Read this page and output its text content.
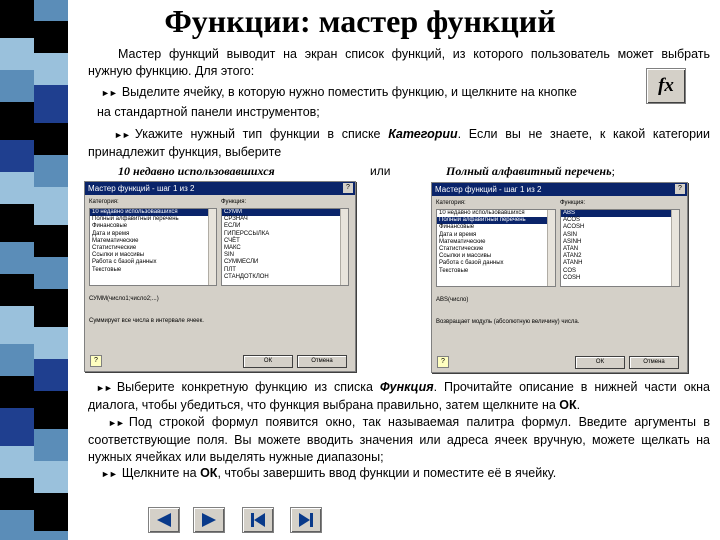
Функции: мастер функций
Мастер функций выводит на экран список функций, из которого пользователь может выбрать нужную функцию. Для этого:
►► Выделите ячейку, в которую нужно поместить функцию, и щелкните на кнопке
на стандартной панели инструментов;
fx
►► Укажите нужный тип функции в списке Категории. Если вы не знаете, к какой категории принадлежит функция, выберите
10 недавно использовавшихся	или	Полный алфавитный перечень;
Мастер функций - шаг 1 из 2	?
Категория:	Функция:
10 недавно использовавшихся
Полный алфавитный перечень
Финансовые
Дата и время
Математические
Статистические
Ссылки и массивы
Работа с базой данных
Текстовые
СУММ
СРЗНАЧ
ЕСЛИ
ГИПЕРССЫЛКА
СЧЁТ
МАКС
SIN
СУММЕСЛИ
ПЛТ
СТАНДОТКЛОН
СУММ(число1;число2;...)
Суммирует все числа в интервале ячеек.
?	ОК	Отмена
Мастер функций - шаг 1 из 2	?
Категория:	Функция:
10 недавно использовавшихся
Полный алфавитный перечень
Финансовые
Дата и время
Математические
Статистические
Ссылки и массивы
Работа с базой данных
Текстовые
ABS
ACOS
ACOSH
ASIN
ASINH
ATAN
ATAN2
ATANH
COS
COSH
ABS(число)
Возвращает модуль (абсолютную величину) числа.
?	ОК	Отмена
►► Выберите конкретную функцию из списка Функция. Прочитайте описание в нижней части окна диалога, чтобы убедиться, что функция выбрана правильно, затем щелкните на ОК.
►► Под строкой формул появится окно, так называемая палитра формул. Введите аргументы в соответствующие поля. Вы можете вводить значения или адреса ячеек вручную, можете щелкать на нужных ячейках или выделять нужные диапазоны;
►► Щелкните на ОК, чтобы завершить ввод функции и поместите её в ячейку.
